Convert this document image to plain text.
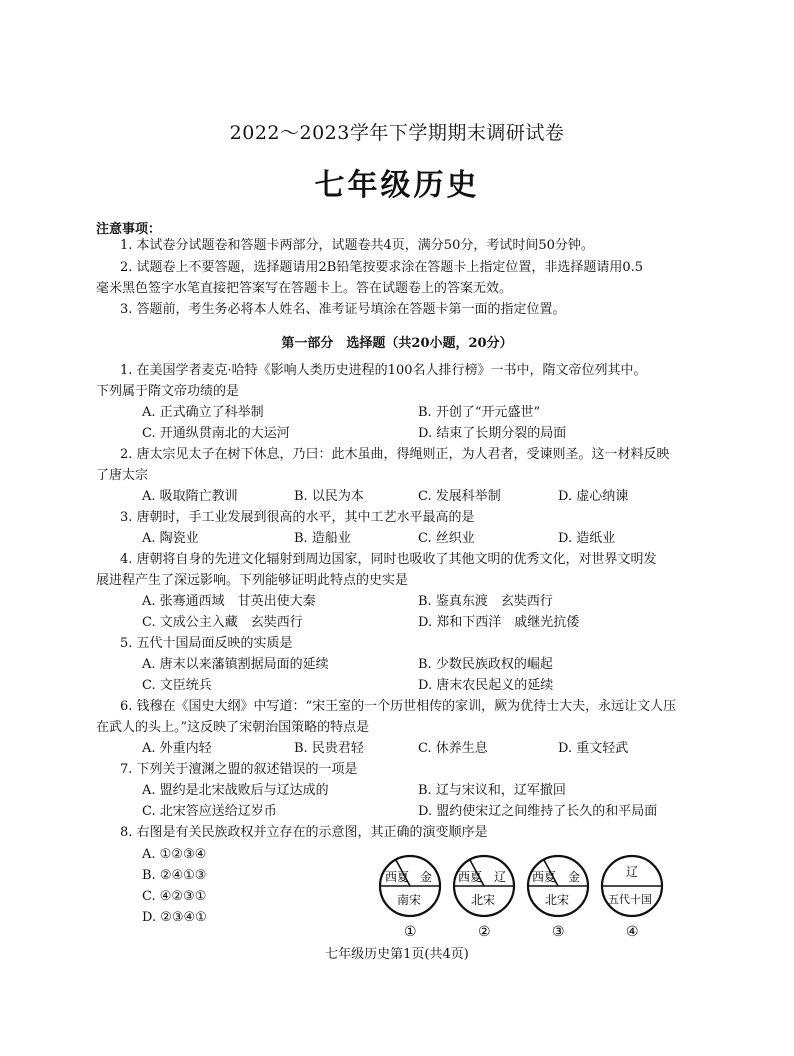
2022～2023学年下学期期末调研试卷
七年级历史
注意事项：
1. 本试卷分试题卷和答题卡两部分，试题卷共4页，满分50分，考试时间50分钟。
2. 试题卷上不要答题，选择题请用2B铅笔按要求涂在答题卡上指定位置，非选择题请用0.5
毫米黑色签字水笔直接把答案写在答题卡上。答在试题卷上的答案无效。
3. 答题前，考生务必将本人姓名、准考证号填涂在答题卡第一面的指定位置。
第一部分　选择题（共20小题，20分）
1. 在美国学者麦克·哈特《影响人类历史进程的100名人排行榜》一书中，隋文帝位列其中。
下列属于隋文帝功绩的是
A. 正式确立了科举制	B. 开创了“开元盛世”
C. 开通纵贯南北的大运河	D. 结束了长期分裂的局面
2. 唐太宗见太子在树下休息，乃曰：此木虽曲，得绳则正，为人君者，受谏则圣。这一材料反映
了唐太宗
A. 吸取隋亡教训	B. 以民为本	C. 发展科举制	D. 虚心纳谏
3. 唐朝时，手工业发展到很高的水平，其中工艺水平最高的是
A. 陶瓷业	B. 造船业	C. 丝织业	D. 造纸业
4. 唐朝将自身的先进文化辐射到周边国家，同时也吸收了其他文明的优秀文化，对世界文明发
展进程产生了深远影响。下列能够证明此特点的史实是
A. 张骞通西域　甘英出使大秦	B. 鉴真东渡　玄奘西行
C. 文成公主入藏　玄奘西行	D. 郑和下西洋　戚继光抗倭
5. 五代十国局面反映的实质是
A. 唐末以来藩镇割据局面的延续	B. 少数民族政权的崛起
C. 文臣统兵	D. 唐末农民起义的延续
6. 钱穆在《国史大纲》中写道：“宋王室的一个历世相传的家训，厥为优待士大夫，永远让文人压
在武人的头上。”这反映了宋朝治国策略的特点是
A. 外重内轻	B. 民贵君轻	C. 休养生息	D. 重文轻武
7. 下列关于澶渊之盟的叙述错误的一项是
A. 盟约是北宋战败后与辽达成的	B. 辽与宋议和，辽军撤回
C. 北宋答应送给辽岁币	D. 盟约使宋辽之间维持了长久的和平局面
8. 右图是有关民族政权并立存在的示意图，其正确的演变顺序是
A. ①②③④
B. ②④①③
C. ④②③①
D. ②③④①
西夏 金
南宋
①
西夏 辽
北宋
②
西夏 金
北宋
③
辽
五代十国
④
七年级历史第1页(共4页)
